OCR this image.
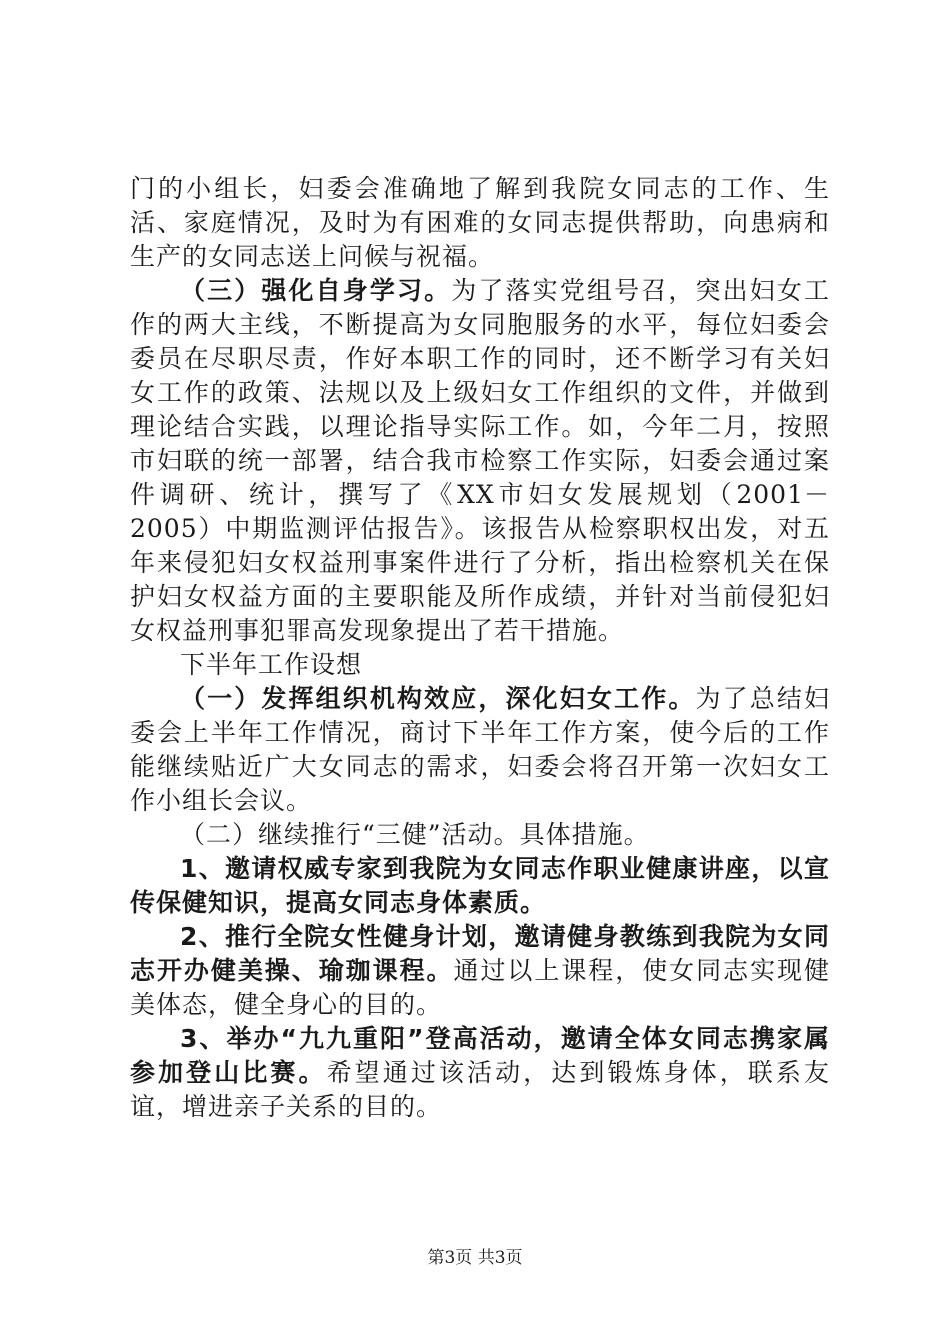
门的小组长，妇委会准确地了解到我院女同志的工作、生活、家庭情况，及时为有困难的女同志提供帮助，向患病和生产的女同志送上问候与祝福。

（三）强化自身学习。为了落实党组号召，突出妇女工作的两大主线，不断提高为女同胞服务的水平，每位妇委会委员在尽职尽责，作好本职工作的同时，还不断学习有关妇女工作的政策、法规以及上级妇女工作组织的文件，并做到理论结合实践，以理论指导实际工作。如，今年二月，按照市妇联的统一部署，结合我市检察工作实际，妇委会通过案件调研、统计，撰写了《XX市妇女发展规划（2001－2005）中期监测评估报告》。该报告从检察职权出发，对五年来侵犯妇女权益刑事案件进行了分析，指出检察机关在保护妇女权益方面的主要职能及所作成绩，并针对当前侵犯妇女权益刑事犯罪高发现象提出了若干措施。

下半年工作设想

（一）发挥组织机构效应，深化妇女工作。为了总结妇委会上半年工作情况，商讨下半年工作方案，使今后的工作能继续贴近广大女同志的需求，妇委会将召开第一次妇女工作小组长会议。

（二）继续推行“三健”活动。具体措施。

1、邀请权威专家到我院为女同志作职业健康讲座，以宣传保健知识，提高女同志身体素质。

2、推行全院女性健身计划，邀请健身教练到我院为女同志开办健美操、瑜珈课程。通过以上课程，使女同志实现健美体态，健全身心的目的。

3、举办“九九重阳”登高活动，邀请全体女同志携家属参加登山比赛。希望通过该活动，达到锻炼身体，联系友谊，增进亲子关系的目的。

第3页 共3页
